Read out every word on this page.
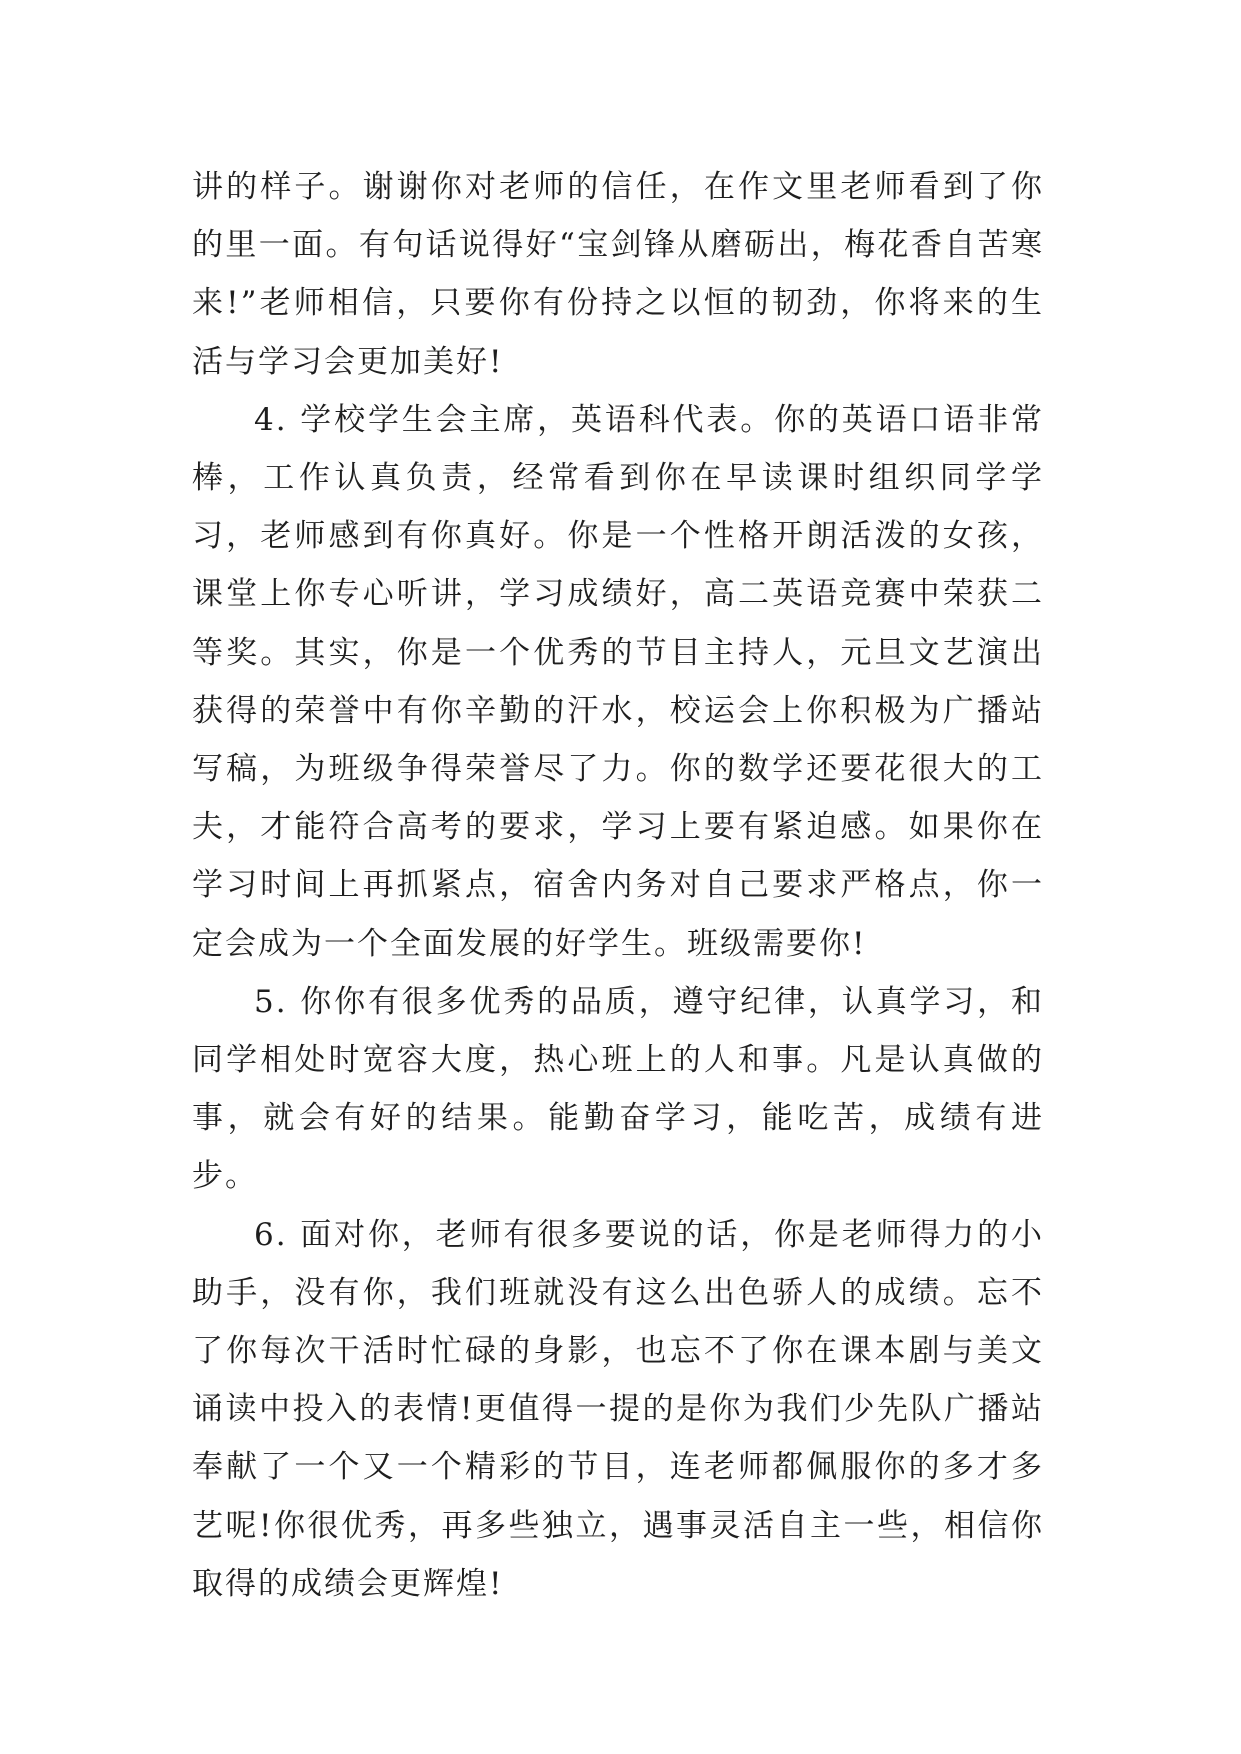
讲的样子。谢谢你对老师的信任，在作文里老师看到了你的里一面。有句话说得好“宝剑锋从磨砺出，梅花香自苦寒来!”老师相信，只要你有份持之以恒的韧劲，你将来的生活与学习会更加美好!

4. 学校学生会主席，英语科代表。你的英语口语非常棒，工作认真负责，经常看到你在早读课时组织同学学习，老师感到有你真好。你是一个性格开朗活泼的女孩，课堂上你专心听讲，学习成绩好，高二英语竞赛中荣获二等奖。其实，你是一个优秀的节目主持人，元旦文艺演出获得的荣誉中有你辛勤的汗水，校运会上你积极为广播站写稿，为班级争得荣誉尽了力。你的数学还要花很大的工夫，才能符合高考的要求，学习上要有紧迫感。如果你在学习时间上再抓紧点，宿舍内务对自己要求严格点，你一定会成为一个全面发展的好学生。班级需要你!

5. 你你有很多优秀的品质，遵守纪律，认真学习，和同学相处时宽容大度，热心班上的人和事。凡是认真做的事，就会有好的结果。能勤奋学习，能吃苦，成绩有进步。

6. 面对你，老师有很多要说的话，你是老师得力的小助手，没有你，我们班就没有这么出色骄人的成绩。忘不了你每次干活时忙碌的身影，也忘不了你在课本剧与美文诵读中投入的表情!更值得一提的是你为我们少先队广播站奉献了一个又一个精彩的节目，连老师都佩服你的多才多艺呢!你很优秀，再多些独立，遇事灵活自主一些，相信你取得的成绩会更辉煌!
